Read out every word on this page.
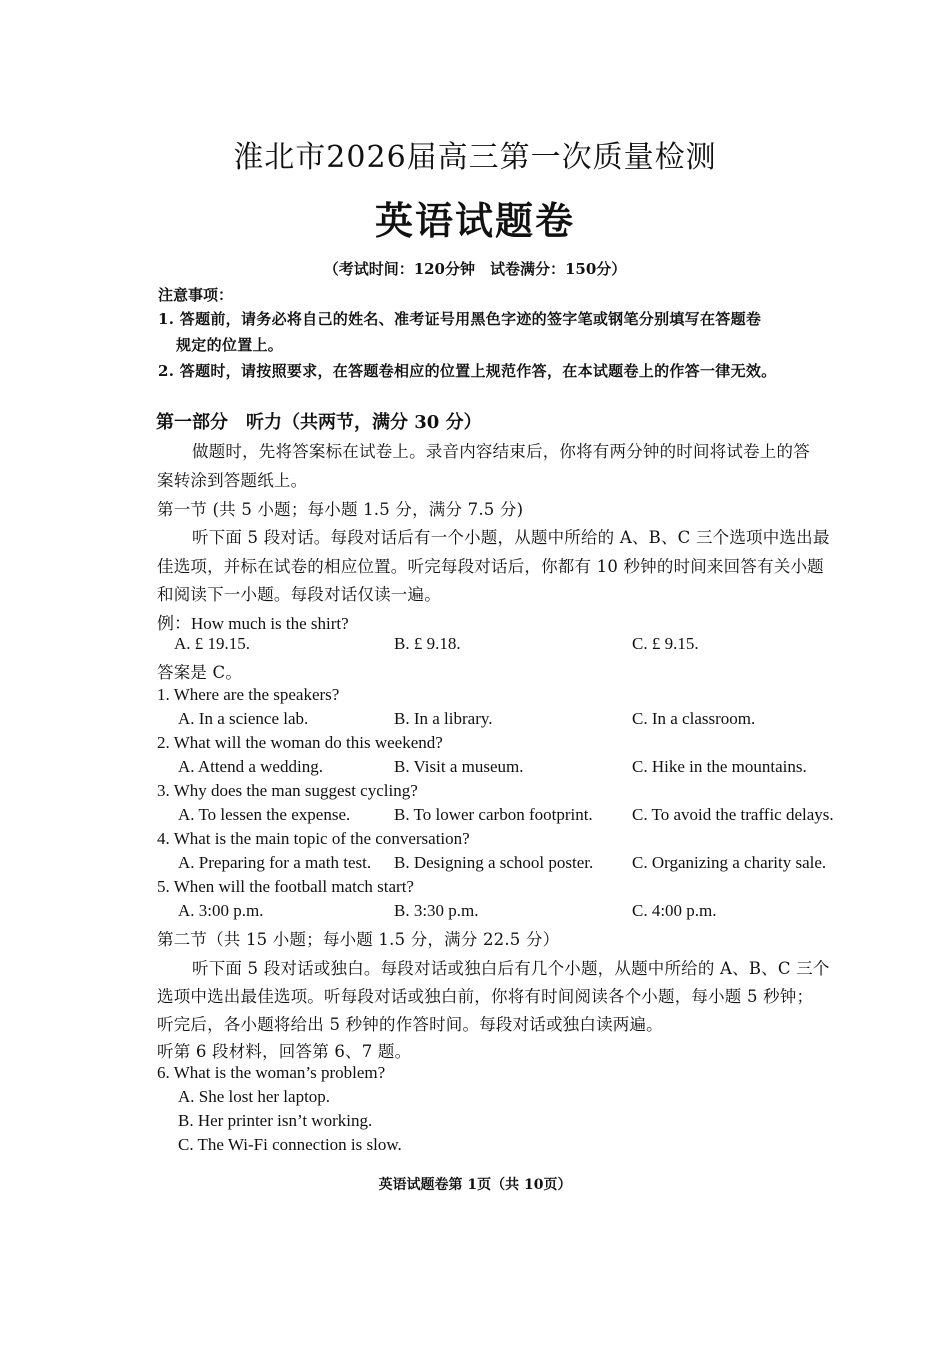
淮北市2026届高三第一次质量检测
英语试题卷
（考试时间：120分钟　试卷满分：150分）
注意事项：
1. 答题前，请务必将自己的姓名、准考证号用黑色字迹的签字笔或钢笔分别填写在答题卷
规定的位置上。
2. 答题时，请按照要求，在答题卷相应的位置上规范作答，在本试题卷上的作答一律无效。
第一部分　听力（共两节，满分 30 分）
做题时，先将答案标在试卷上。录音内容结束后，你将有两分钟的时间将试卷上的答
案转涂到答题纸上。
第一节 (共 5 小题；每小题 1.5 分，满分 7.5 分)
听下面 5 段对话。每段对话后有一个小题，从题中所给的 A、B、C 三个选项中选出最
佳选项，并标在试卷的相应位置。听完每段对话后，你都有 10 秒钟的时间来回答有关小题
和阅读下一小题。每段对话仅读一遍。
例：How much is the shirt?
A. £ 19.15.	B. £ 9.18.	C. £ 9.15.
答案是 C。
1. Where are the speakers?
A. In a science lab.	B. In a library.	C. In a classroom.
2. What will the woman do this weekend?
A. Attend a wedding.	B. Visit a museum.	C. Hike in the mountains.
3. Why does the man suggest cycling?
A. To lessen the expense.	B. To lower carbon footprint. C. To avoid the traffic delays.
4. What is the main topic of the conversation?
A. Preparing for a math test. B. Designing a school poster. C. Organizing a charity sale.
5. When will the football match start?
A. 3:00 p.m.	B. 3:30 p.m.	C. 4:00 p.m.
第二节（共 15 小题；每小题 1.5 分，满分 22.5 分）
听下面 5 段对话或独白。每段对话或独白后有几个小题，从题中所给的 A、B、C 三个
选项中选出最佳选项。听每段对话或独白前，你将有时间阅读各个小题，每小题 5 秒钟；
听完后，各小题将给出 5 秒钟的作答时间。每段对话或独白读两遍。
听第 6 段材料，回答第 6、7 题。
6. What is the woman’s problem?
A. She lost her laptop.
B. Her printer isn’t working.
C. The Wi-Fi connection is slow.
英语试题卷第 1页（共 10页）
